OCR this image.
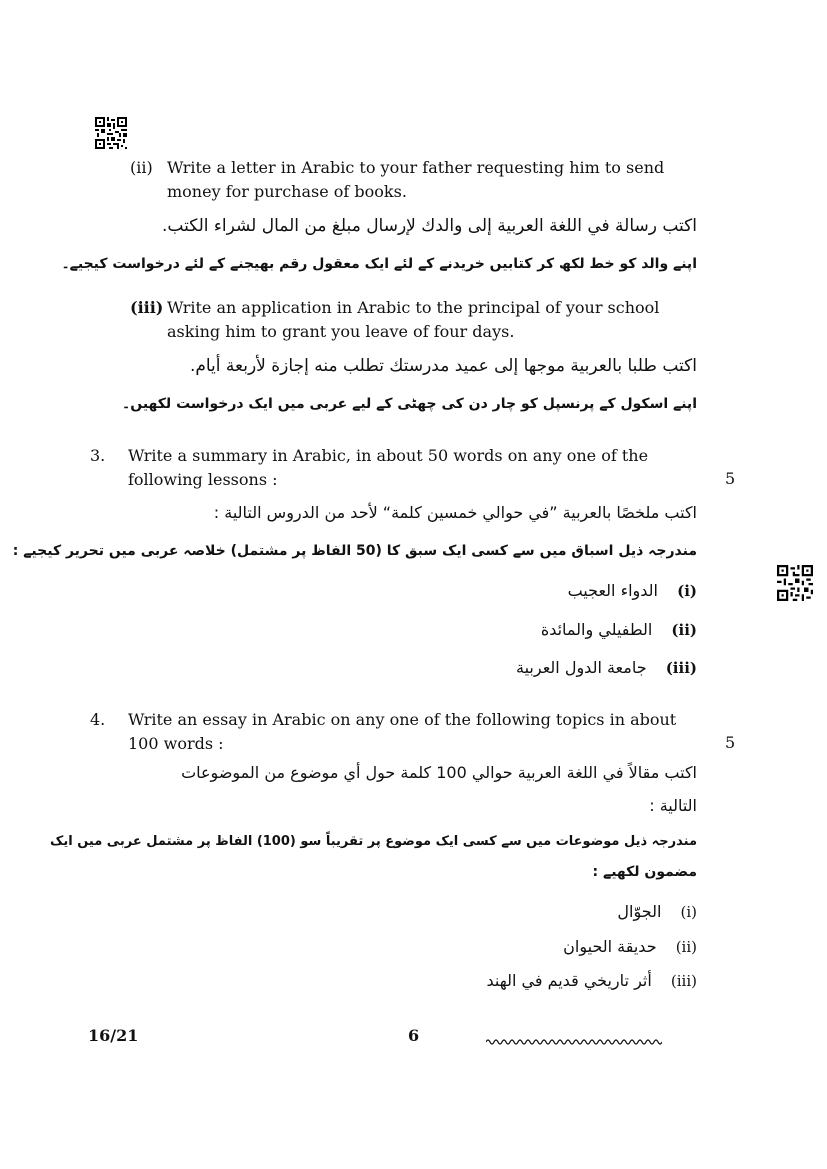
(ii) Write a letter in Arabic to your father requesting him to send
money for purchase of books.
اكتب رسالة في اللغة العربية إلى والدك لإرسال مبلغ من المال لشراء الكتب.
اپنے والد کو خط لکھ کر کتابیں خریدنے کے لئے ایک معقول رقم بھیجنے کے لئے درخواست کیجیے۔
(iii) Write an application in Arabic to the principal of your school
asking him to grant you leave of four days.
اكتب طلبا بالعربية موجها إلى عميد مدرستك تطلب منه إجازة لأربعة أيام.
اپنے اسکول کے پرنسپل کو چار دن کی چھٹی کے لیے عربی میں ایک درخواست لکھیں۔
3. Write a summary in Arabic, in about 50 words on any one of the
following lessons :	5
اكتب ملخصًا بالعربية ”في حوالي خمسين كلمة“ لأحد من الدروس التالية :
مندرجہ ذیل اسباق میں سے کسی ایک سبق کا (50 الفاظ پر مشتمل) خلاصہ عربی میں تحریر کیجیے :
(i) الدواء العجيب
(ii) الطفيلي والمائدة
(iii) جامعة الدول العربية
4. Write an essay in Arabic on any one of the following topics in about
100 words :	5
اكتب مقالاً في اللغة العربية حوالي 100 كلمة حول أي موضوع من الموضوعات
التالية :
مندرجہ ذیل موضوعات میں سے کسی ایک موضوع پر تقریباً سو (100) الفاظ پر مشتمل عربی میں ایک
مضمون لکھیے :
(i) الجوّال
(ii) حديقة الحيوان
(iii) أثر تاريخي قديم في الهند
16/21	6
